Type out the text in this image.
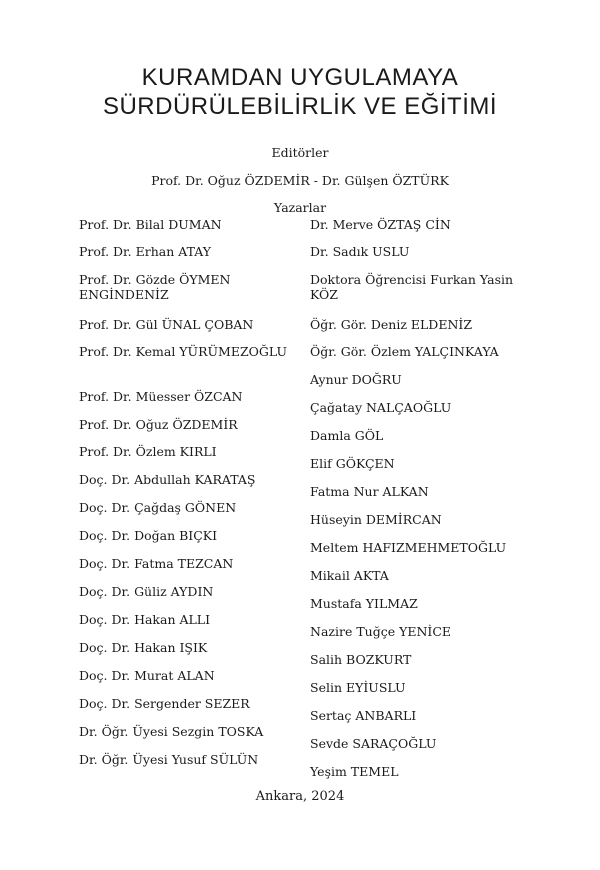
KURAMDAN UYGULAMAYA
SÜRDÜRÜLEBİLİRLİK VE EĞİTİMİ
Editörler
Prof. Dr. Oğuz ÖZDEMİR - Dr. Gülşen ÖZTÜRK
Yazarlar
Prof. Dr. Bilal DUMAN
Prof. Dr. Erhan ATAY
Prof. Dr. Gözde ÖYMEN ENGİNDENİZ
Prof. Dr. Gül ÜNAL ÇOBAN
Prof. Dr. Kemal YÜRÜMEZOĞLU
Prof. Dr. Müesser ÖZCAN
Prof. Dr. Oğuz ÖZDEMİR
Prof. Dr. Özlem KIRLI
Doç. Dr. Abdullah KARATAŞ
Doç. Dr. Çağdaş GÖNEN
Doç. Dr. Doğan BIÇKI
Doç. Dr. Fatma TEZCAN
Doç. Dr. Güliz AYDIN
Doç. Dr. Hakan ALLI
Doç. Dr. Hakan IŞIK
Doç. Dr. Murat ALAN
Doç. Dr. Sergender SEZER
Dr. Öğr. Üyesi Sezgin TOSKA
Dr. Öğr. Üyesi Yusuf SÜLÜN
Dr. Merve ÖZTAŞ CİN
Dr. Sadık USLU
Doktora Öğrencisi Furkan Yasin KÖZ
Öğr. Gör. Deniz ELDENİZ
Öğr. Gör. Özlem YALÇINKAYA
Aynur DOĞRU
Çağatay NALÇAOĞLU
Damla GÖL
Elif GÖKÇEN
Fatma Nur ALKAN
Hüseyin DEMİRCAN
Meltem HAFIZMEHMETOĞLU
Mikail AKTA
Mustafa YILMAZ
Nazire Tuğçe YENİCE
Salih BOZKURT
Selin EYİUSLU
Sertaç ANBARLI
Sevde SARAÇOĞLU
Yeşim TEMEL
Ankara, 2024
